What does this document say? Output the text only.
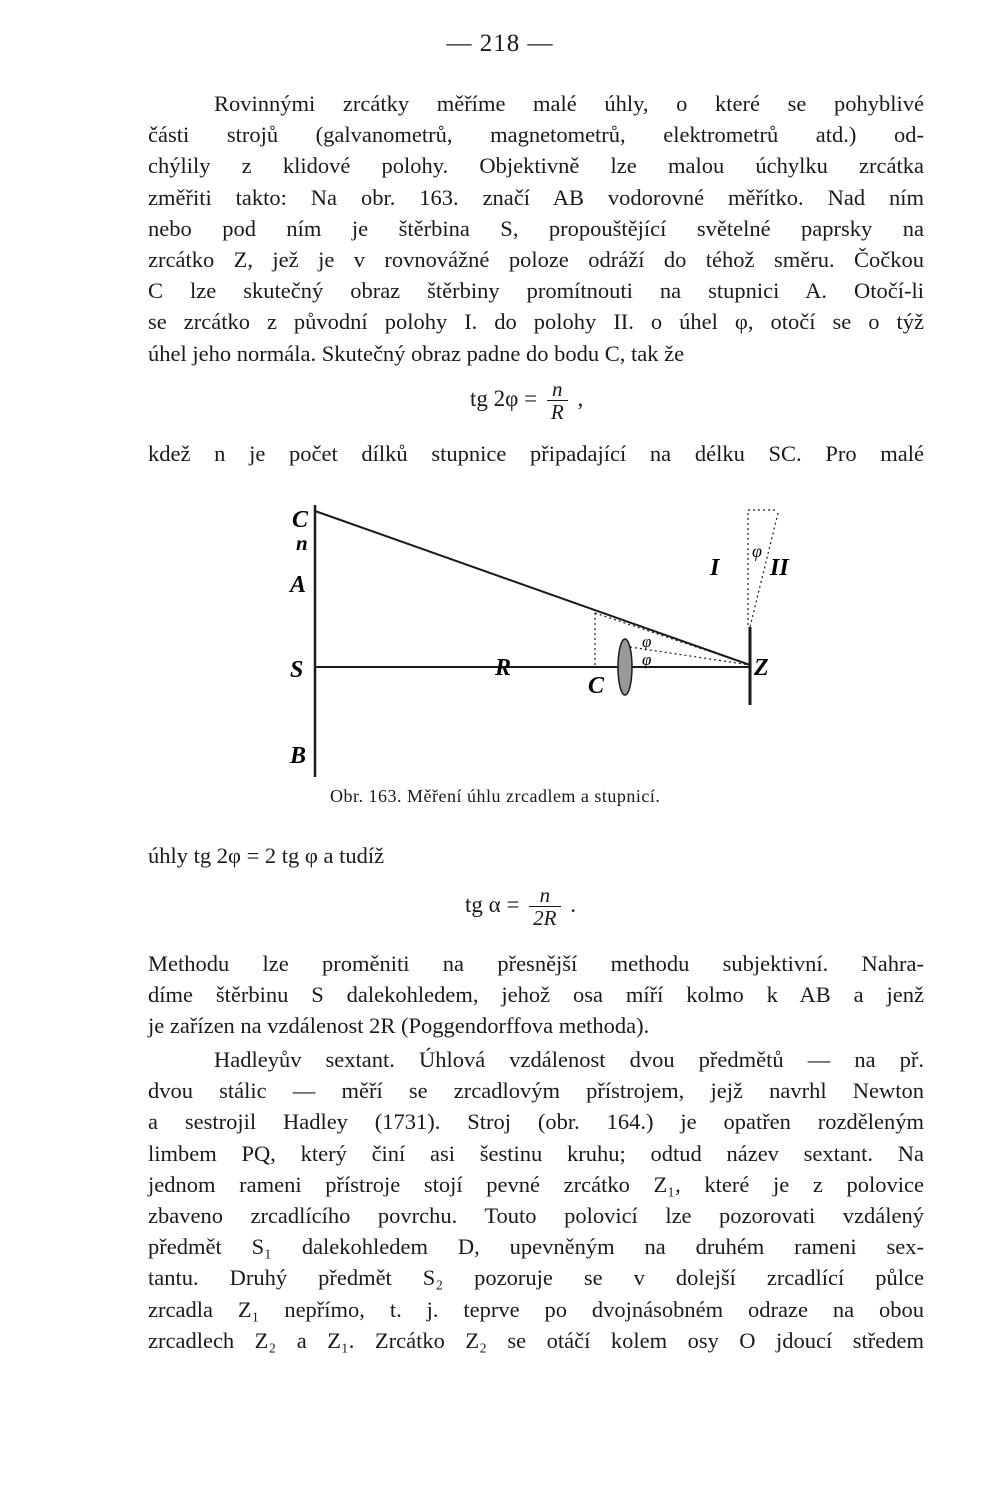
— 218 —

Rovinnými zrcátky měříme malé úhly, o které se pohyblivé
části strojů (galvanometrů, magnetometrů, elektrometrů atd.) od-
chýlily z klidové polohy. Objektivně lze malou úchylku zrcátka
změřiti takto: Na obr. 163. značí AB vodorovné měřítko. Nad ním
nebo pod ním je štěrbina S, propouštějící světelné paprsky na
zrcátko Z, jež je v rovnovážné poloze odráží do téhož směru. Čočkou
C lze skutečný obraz štěrbiny promítnouti na stupnici A. Otočí-li
se zrcátko z původní polohy I. do polohy II. o úhel φ, otočí se o týž
úhel jeho normála. Skutečný obraz padne do bodu C, tak že

tg $2\varphi = \frac{n}{R}$ ,

kdež n je počet dílků stupnice připadající na délku SC. Pro malé

C
n
A
S
B
R
C
Z
I II
φ
φ
φ
Obr. 163. Měření úhlu zrcadlem a stupnicí.

úhly tg 2φ = 2 tg φ a tudíž

tg $\alpha = \frac{n}{2R}$ .

Methodu lze proměniti na přesnější methodu subjektivní. Nahra-
díme štěrbinu S dalekohledem, jehož osa míří kolmo k AB a jenž
je zařízen na vzdálenost 2R (Poggendorffova methoda).

Hadleyův sextant. Úhlová vzdálenost dvou předmětů — na př.
dvou stálic — měří se zrcadlovým přístrojem, jejž navrhl Newton
a sestrojil Hadley (1731). Stroj (obr. 164.) je opatřen rozděleným
limbem PQ, který činí asi šestinu kruhu; odtud název sextant. Na
jednom rameni přístroje stojí pevné zrcátko Z₁, které je z polovice
zbaveno zrcadlícího povrchu. Touto polovicí lze pozorovati vzdálený
předmět S₁ dalekohledem D, upevněným na druhém rameni sex-
tantu. Druhý předmět S₂ pozoruje se v dolejší zrcadlící půlce
zrcadla Z₁ nepřímo, t. j. teprve po dvojnásobném odraze na obou
zrcadlech Z₂ a Z₁. Zrcátko Z₂ se otáčí kolem osy O jdoucí středem
